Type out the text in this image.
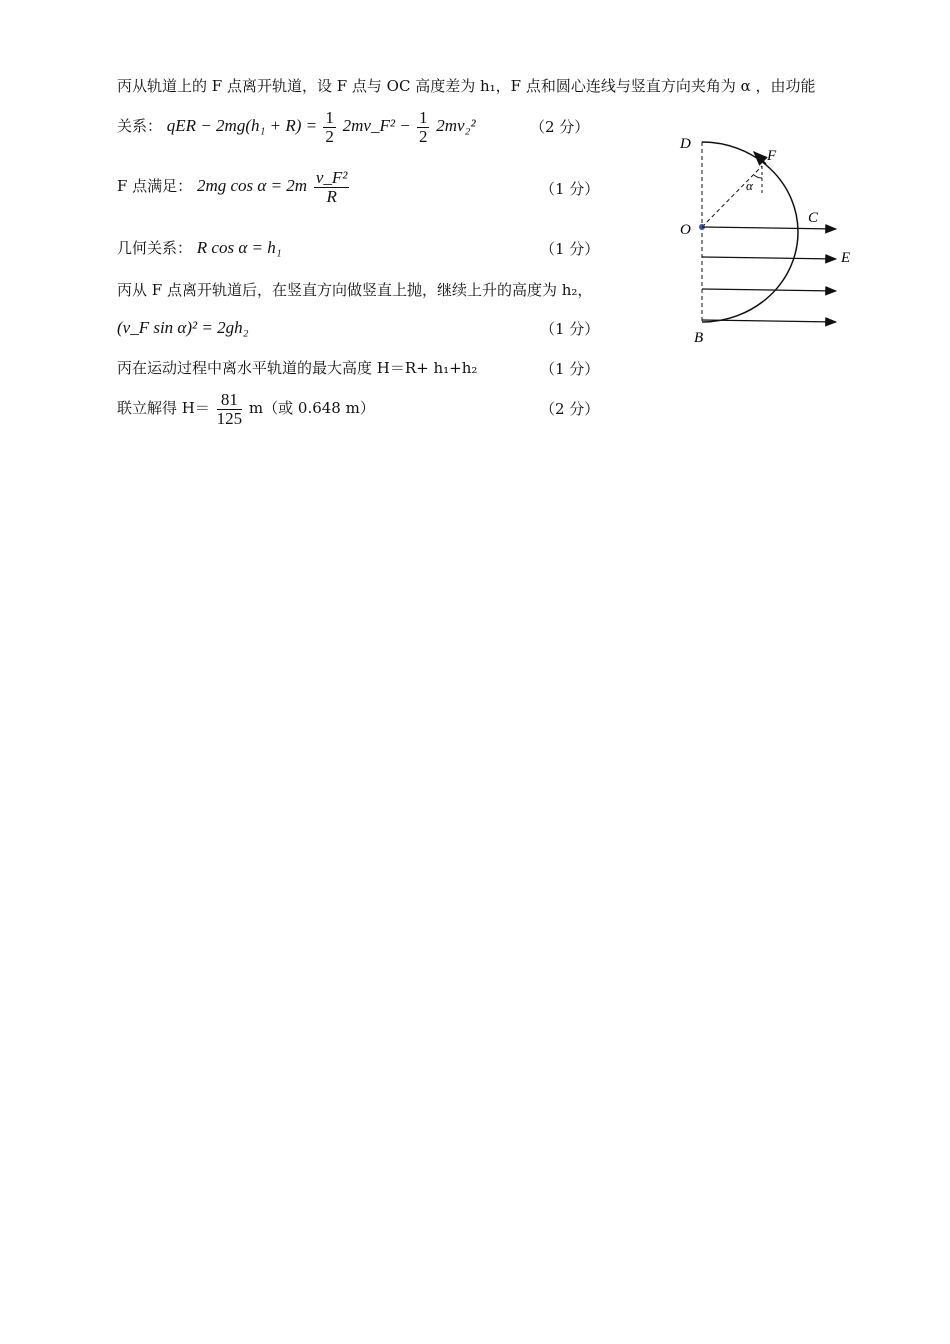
丙从轨道上的 F 点离开轨道，设 F 点与 OC 高度差为 h₁，F 点和圆心连线与竖直方向夹角为 α ，由功能
关系： qER − $2mg(h_1 + R) = \frac{1}{2}$ 2mv_F² − $\frac{1}{2} 2mv_2^2$	（2 分）
F 点满足： 2mg $\cos \alpha = 2m \frac{\text{v\_F²}}{R}$	（1 分）
几何关系： R cos α = h₁	（1 分）
丙从 F 点离开轨道后，在竖直方向做竖直上抛，继续上升的高度为 h₂，
(v_F sin α)² = 2gh₂	（1 分）
丙在运动过程中离水平轨道的最大高度 H＝R+ h₁+h₂	（1 分）
联立解得 $H= \frac{81}{125} m$（或 0.648 m）	（2 分）
D
F
α
O
C
E
B
